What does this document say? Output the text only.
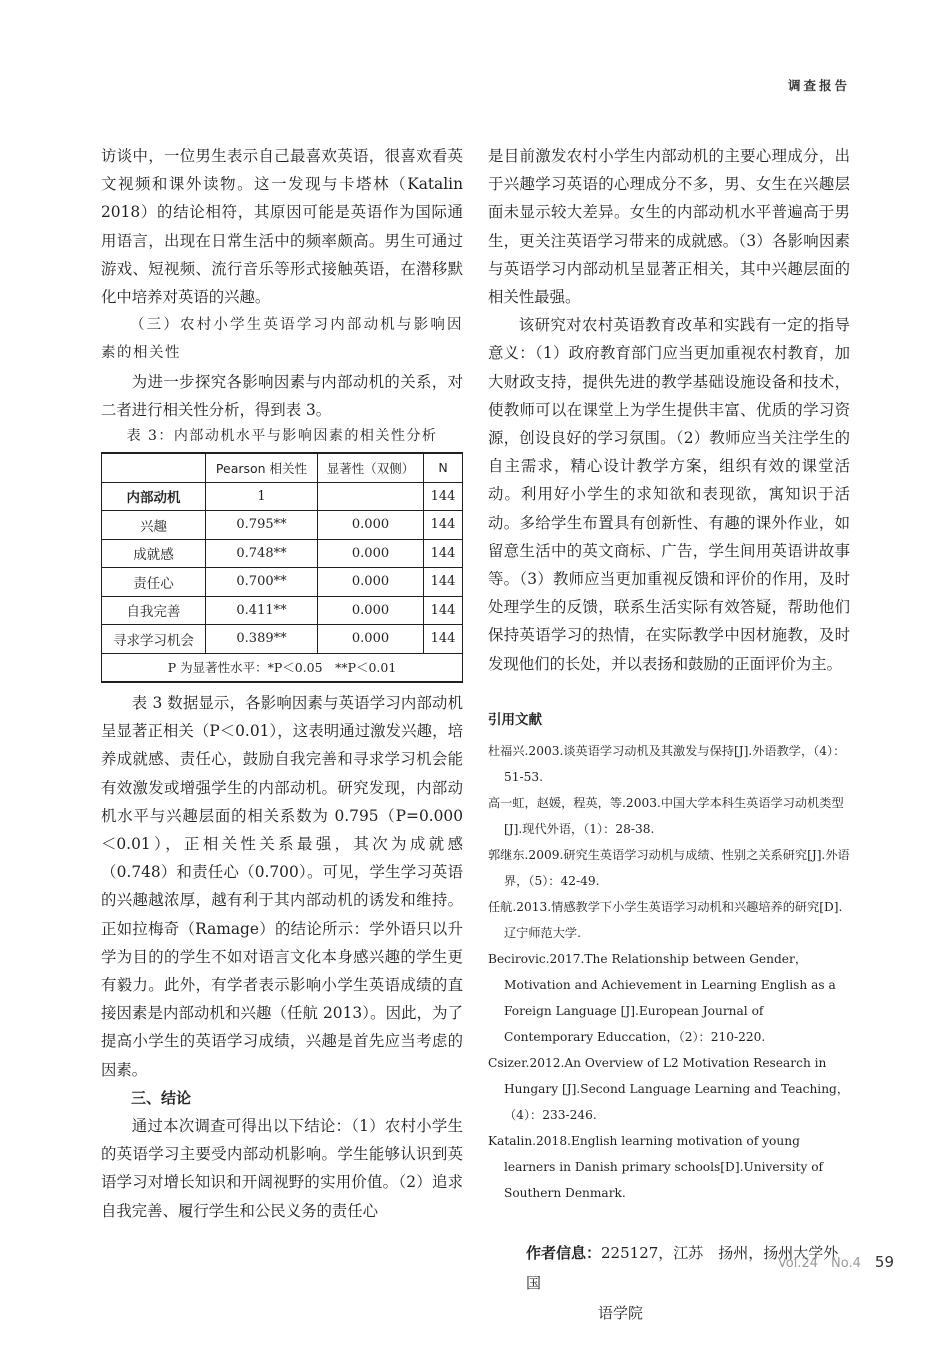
调查报告

访谈中，一位男生表示自己最喜欢英语，很喜欢看英文视频和课外读物。这一发现与卡塔林（Katalin 2018）的结论相符，其原因可能是英语作为国际通用语言，出现在日常生活中的频率颇高。男生可通过游戏、短视频、流行音乐等形式接触英语，在潜移默化中培养对英语的兴趣。

（三）农村小学生英语学习内部动机与影响因素的相关性

为进一步探究各影响因素与内部动机的关系，对二者进行相关性分析，得到表 3。

表 3：内部动机水平与影响因素的相关性分析
	Pearson 相关性	显著性（双侧）	N
内部动机	1		144
兴趣	0.795**	0.000	144
成就感	0.748**	0.000	144
责任心	0.700**	0.000	144
自我完善	0.411**	0.000	144
寻求学习机会	0.389**	0.000	144
P 为显著性水平：*P＜0.05　**P＜0.01			

表 3 数据显示，各影响因素与英语学习内部动机呈显著正相关（P＜0.01），这表明通过激发兴趣，培养成就感、责任心，鼓励自我完善和寻求学习机会能有效激发或增强学生的内部动机。研究发现，内部动机水平与兴趣层面的相关系数为 0.795（P=0.000＜0.01），正相关性关系最强，其次为成就感（0.748）和责任心（0.700）。可见，学生学习英语的兴趣越浓厚，越有利于其内部动机的诱发和维持。正如拉梅奇（Ramage）的结论所示：学外语只以升学为目的的学生不如对语言文化本身感兴趣的学生更有毅力。此外，有学者表示影响小学生英语成绩的直接因素是内部动机和兴趣（任航 2013）。因此，为了提高小学生的英语学习成绩，兴趣是首先应当考虑的因素。

三、结论

通过本次调查可得出以下结论：（1）农村小学生的英语学习主要受内部动机影响。学生能够认识到英语学习对增长知识和开阔视野的实用价值。（2）追求自我完善、履行学生和公民义务的责任心

是目前激发农村小学生内部动机的主要心理成分，出于兴趣学习英语的心理成分不多，男、女生在兴趣层面未显示较大差异。女生的内部动机水平普遍高于男生，更关注英语学习带来的成就感。（3）各影响因素与英语学习内部动机呈显著正相关，其中兴趣层面的相关性最强。

该研究对农村英语教育改革和实践有一定的指导意义：（1）政府教育部门应当更加重视农村教育，加大财政支持，提供先进的教学基础设施设备和技术，使教师可以在课堂上为学生提供丰富、优质的学习资源，创设良好的学习氛围。（2）教师应当关注学生的自主需求，精心设计教学方案，组织有效的课堂活动。利用好小学生的求知欲和表现欲，寓知识于活动。多给学生布置具有创新性、有趣的课外作业，如留意生活中的英文商标、广告，学生间用英语讲故事等。（3）教师应当更加重视反馈和评价的作用，及时处理学生的反馈，联系生活实际有效答疑，帮助他们保持英语学习的热情，在实际教学中因材施教，及时发现他们的长处，并以表扬和鼓励的正面评价为主。

引用文献
杜福兴.2003.谈英语学习动机及其激发与保持[J].外语教学，（4）：51-53.
高一虹，赵媛，程英，等.2003.中国大学本科生英语学习动机类型[J].现代外语，（1）：28-38.
郭继东.2009.研究生英语学习动机与成绩、性别之关系研究[J].外语界，（5）：42-49.
任航.2013.情感教学下小学生英语学习动机和兴趣培养的研究[D].辽宁师范大学.
Becirovic.2017.The Relationship between Gender，Motivation and Achievement in Learning English as a Foreign Language [J].European Journal of Contemporary Educcation，（2）：210-220.
Csizer.2012.An Overview of L2 Motivation Research in Hungary [J].Second Language Learning and Teaching，（4）：233-246.
Katalin.2018.English learning motivation of young learners in Danish primary schools[D].University of Southern Denmark.
作者信息：225127，江苏　扬州，扬州大学外国
语学院
Vol.24　No.4 59
